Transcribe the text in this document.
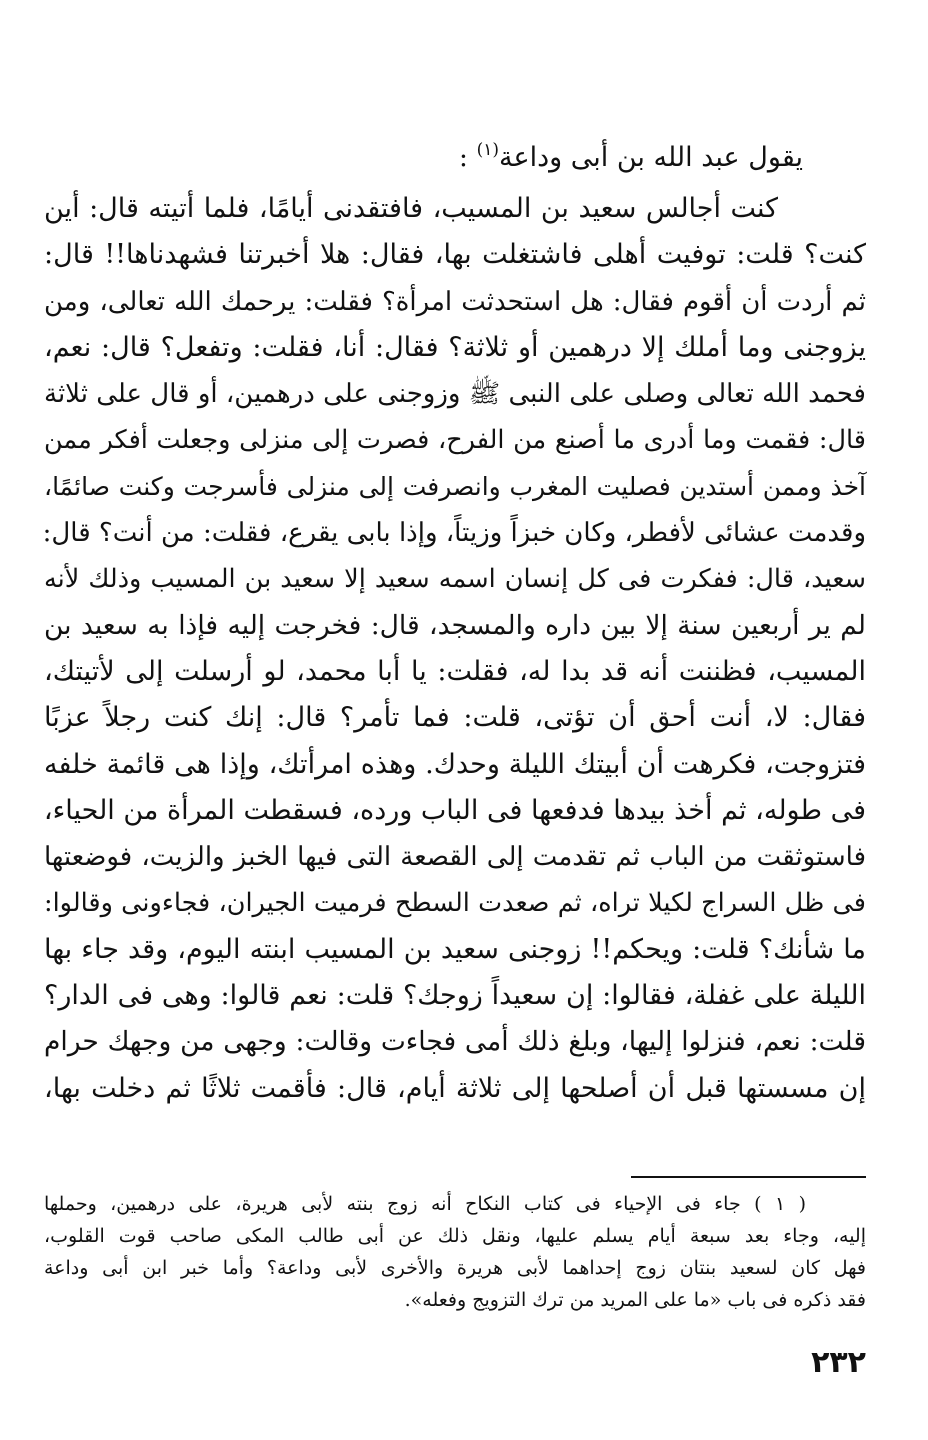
يقول عبد الله بن أبى وداعة$^{(١)}$ :
كنت أجالس سعيد بن المسيب، فافتقدنى أيامًا، فلما أتيته قال: أين
كنت؟ قلت: توفيت أهلى فاشتغلت بها، فقال: هلا أخبرتنا فشهدناها!! قال:
ثم أردت أن أقوم فقال: هل استحدثت امرأة؟ فقلت: يرحمك الله تعالى، ومن
يزوجنى وما أملك إلا درهمين أو ثلاثة؟ فقال: أنا، فقلت: وتفعل؟ قال: نعم،
فحمد الله تعالى وصلى على النبى ﷺ وزوجنى على درهمين، أو قال على ثلاثة
قال: فقمت وما أدرى ما أصنع من الفرح، فصرت إلى منزلى وجعلت أفكر ممن
آخذ وممن أستدين فصليت المغرب وانصرفت إلى منزلى فأسرجت وكنت صائمًا،
وقدمت عشائى لأفطر، وكان خبزاً وزيتاً، وإذا بابى يقرع، فقلت: من أنت؟ قال:
سعيد، قال: ففكرت فى كل إنسان اسمه سعيد إلا سعيد بن المسيب وذلك لأنه
لم ير أربعين سنة إلا بين داره والمسجد، قال: فخرجت إليه فإذا به سعيد بن
المسيب، فظننت أنه قد بدا له، فقلت: يا أبا محمد، لو أرسلت إلى لأتيتك،
فقال: لا، أنت أحق أن تؤتى، قلت: فما تأمر؟ قال: إنك كنت رجلاً عزبًا
فتزوجت، فكرهت أن أبيتك الليلة وحدك. وهذه امرأتك، وإذا هى قائمة خلفه
فى طوله، ثم أخذ بيدها فدفعها فى الباب ورده، فسقطت المرأة من الحياء،
فاستوثقت من الباب ثم تقدمت إلى القصعة التى فيها الخبز والزيت، فوضعتها
فى ظل السراج لكيلا تراه، ثم صعدت السطح فرميت الجيران، فجاءونى وقالوا:
ما شأنك؟ قلت: ويحكم!! زوجنى سعيد بن المسيب ابنته اليوم، وقد جاء بها
الليلة على غفلة، فقالوا: إن سعيداً زوجك؟ قلت: نعم قالوا: وهى فى الدار؟
قلت: نعم، فنزلوا إليها، وبلغ ذلك أمى فجاءت وقالت: وجهى من وجهك حرام
إن مسستها قبل أن أصلحها إلى ثلاثة أيام، قال: فأقمت ثلاثًا ثم دخلت بها،
( ١ ) جاء فى الإحياء فى كتاب النكاح أنه زوج بنته لأبى هريرة، على درهمين، وحملها
إليه، وجاء بعد سبعة أيام يسلم عليها، ونقل ذلك عن أبى طالب المكى صاحب قوت القلوب،
فهل كان لسعيد بنتان زوج إحداهما لأبى هريرة والأخرى لأبى وداعة؟ وأما خبر ابن أبى وداعة
فقد ذكره فى باب «ما على المريد من ترك التزويج وفعله».
٢٣٢
